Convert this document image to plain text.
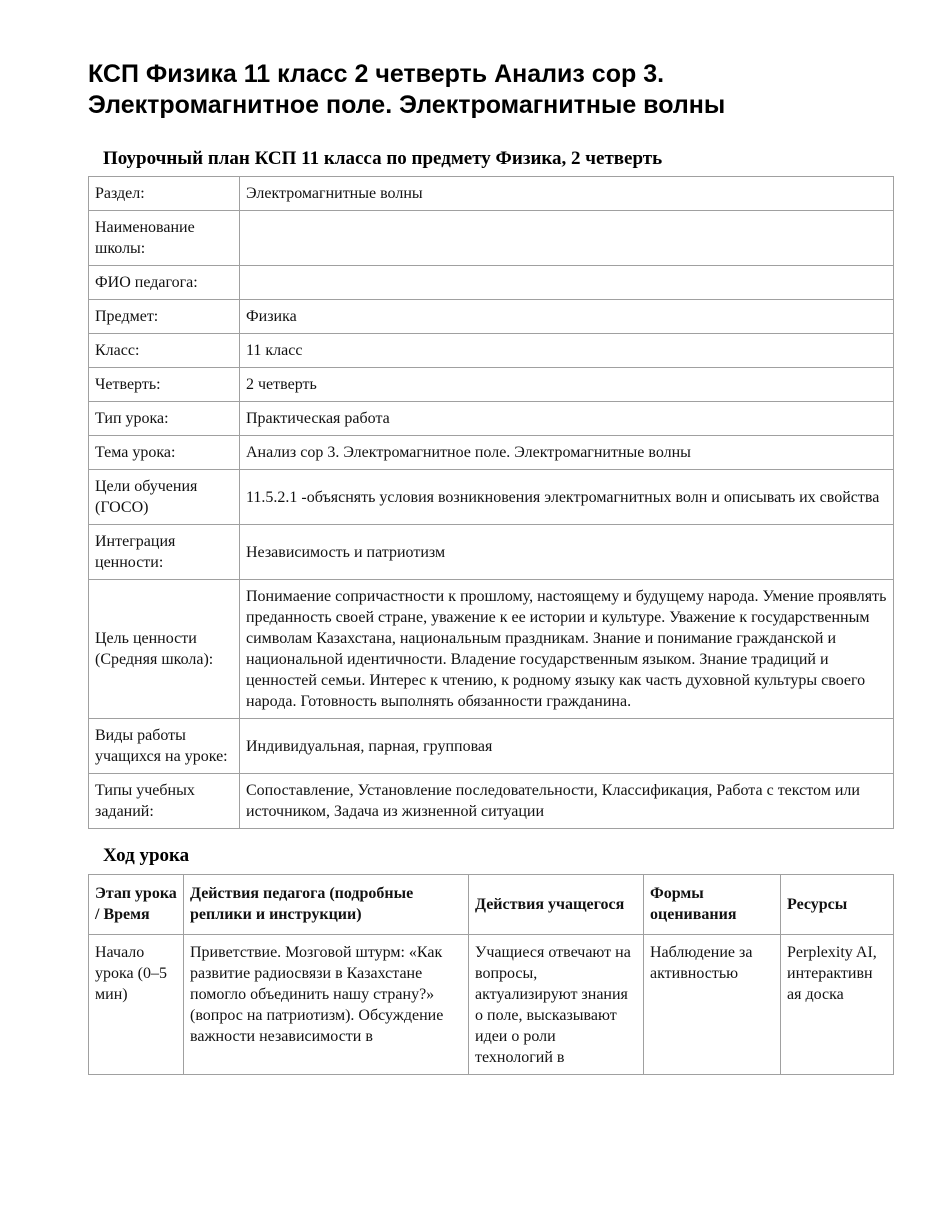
КСП Физика 11 класс 2 четверть Анализ сор 3. Электромагнитное поле. Электромагнитные волны
Поурочный план КСП 11 класса по предмету Физика, 2 четверть
Раздел:	Электромагнитные волны
Наименование школы:	
ФИО педагога:	
Предмет:	Физика
Класс:	11 класс
Четверть:	2 четверть
Тип урока:	Практическая работа
Тема урока:	Анализ сор 3. Электромагнитное поле. Электромагнитные волны
Цели обучения (ГОСО)	11.5.2.1 -объяснять условия возникновения электромагнитных волн и описывать их свойства
Интеграция ценности:	Независимость и патриотизм
Цель ценности (Средняя школа):	Понимаение сопричастности к прошлому, настоящему и будущему народа. Умение проявлять преданность своей стране, уважение к ее истории и культуре. Уважение к государственным символам Казахстана, национальным праздникам. Знание и понимание гражданской и национальной идентичности. Владение государственным языком. Знание традиций и ценностей семьи. Интерес к чтению, к родному языку как часть духовной культуры своего народа. Готовность выполнять обязанности гражданина.
Виды работы учащихся на уроке:	Индивидуальная, парная, групповая
Типы учебных заданий:	Сопоставление, Установление последовательности, Классификация, Работа с текстом или источником, Задача из жизненной ситуации
Ход урока
Этап урока / Время	Действия педагога (подробные реплики и инструкции)	Действия учащегося	Формы оценивания	Ресурсы
Начало урока (0–5 мин)	Приветствие. Мозговой штурм: «Как развитие радиосвязи в Казахстане помогло объединить нашу страну?» (вопрос на патриотизм). Обсуждение важности независимости в	Учащиеся отвечают на вопросы, актуализируют знания о поле, высказывают идеи о роли технологий в	Наблюдение за активностью	Perplexity AI, интерактивн ая доска
